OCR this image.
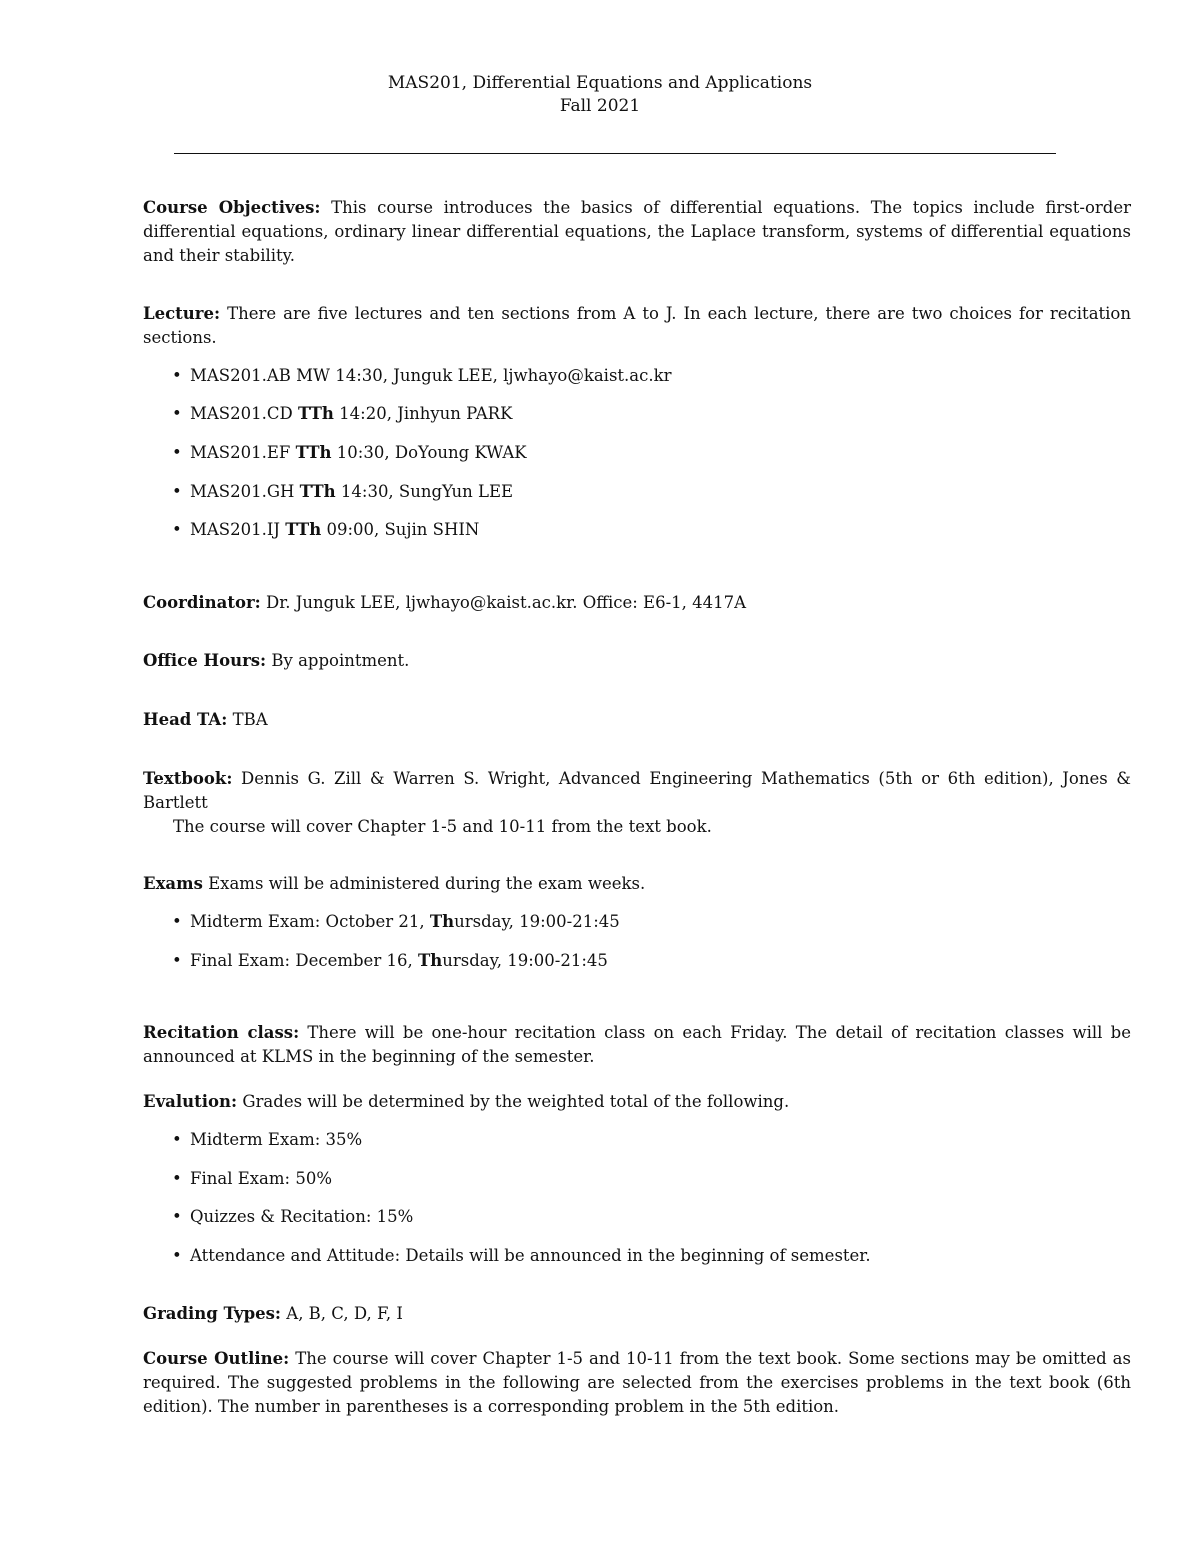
MAS201, Differential Equations and Applications
Fall 2021
Course Objectives: This course introduces the basics of differential equations. The topics include first-order differential equations, ordinary linear differential equations, the Laplace transform, systems of differential equations and their stability.
Lecture: There are five lectures and ten sections from A to J. In each lecture, there are two choices for recitation sections.
• MAS201.AB MW 14:30, Junguk LEE, ljwhayo@kaist.ac.kr
• MAS201.CD TTh 14:20, Jinhyun PARK
• MAS201.EF TTh 10:30, DoYoung KWAK
• MAS201.GH TTh 14:30, SungYun LEE
• MAS201.IJ TTh 09:00, Sujin SHIN
Coordinator: Dr. Junguk LEE, ljwhayo@kaist.ac.kr. Office: E6-1, 4417A
Office Hours: By appointment.
Head TA: TBA
Textbook: Dennis G. Zill & Warren S. Wright, Advanced Engineering Mathematics (5th or 6th edition), Jones & Bartlett
The course will cover Chapter 1-5 and 10-11 from the text book.
Exams Exams will be administered during the exam weeks.
• Midterm Exam: October 21, Thursday, 19:00-21:45
• Final Exam: December 16, Thursday, 19:00-21:45
Recitation class: There will be one-hour recitation class on each Friday. The detail of recitation classes will be announced at KLMS in the beginning of the semester.
Evalution: Grades will be determined by the weighted total of the following.
• Midterm Exam: 35%
• Final Exam: 50%
• Quizzes & Recitation: 15%
• Attendance and Attitude: Details will be announced in the beginning of semester.
Grading Types: A, B, C, D, F, I
Course Outline: The course will cover Chapter 1-5 and 10-11 from the text book. Some sections may be omitted as required. The suggested problems in the following are selected from the exercises problems in the text book (6th edition). The number in parentheses is a corresponding problem in the 5th edition.
